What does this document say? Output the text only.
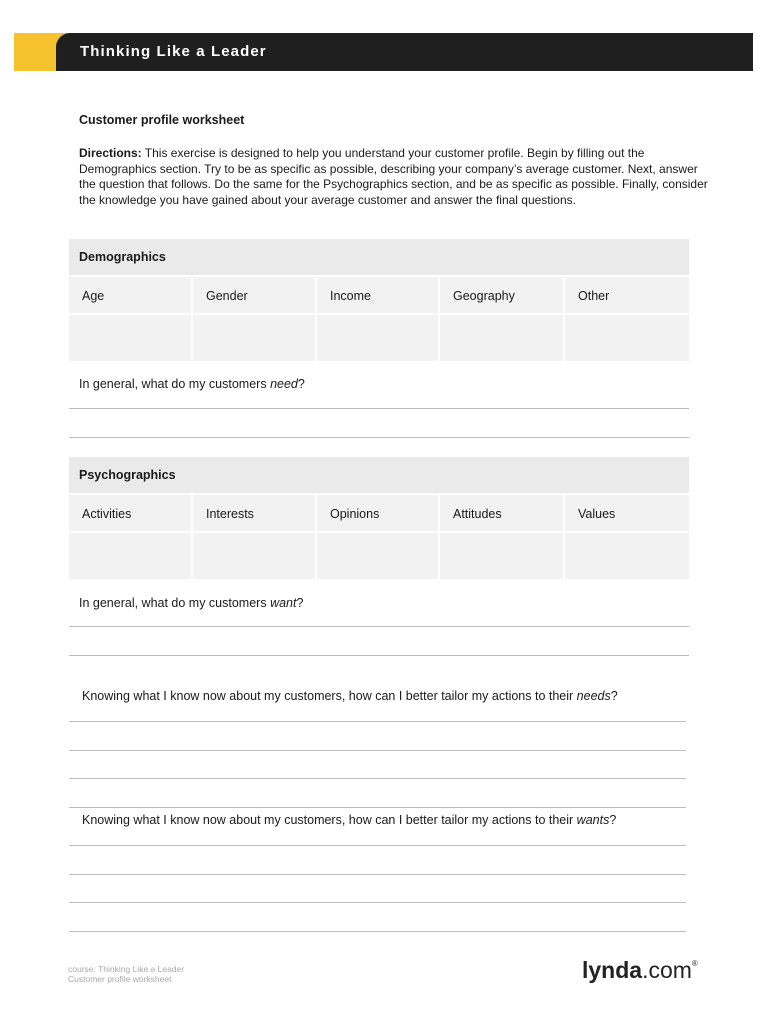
Thinking Like a Leader
Customer profile worksheet
Directions: This exercise is designed to help you understand your customer profile. Begin by filling out the
Demographics section. Try to be as specific as possible, describing your company’s average customer. Next, answer
the question that follows. Do the same for the Psychographics section, and be as specific as possible. Finally, consider
the knowledge you have gained about your average customer and answer the final questions.
Demographics
Age	Gender	Income	Geography	Other
In general, what do my customers need?
Psychographics
Activities	Interests	Opinions	Attitudes	Values
In general, what do my customers want?
Knowing what I know now about my customers, how can I better tailor my actions to their needs?
Knowing what I know now about my customers, how can I better tailor my actions to their wants?
course: Thinking Like a Leader
Customer profile worksheet	lynda.com®
